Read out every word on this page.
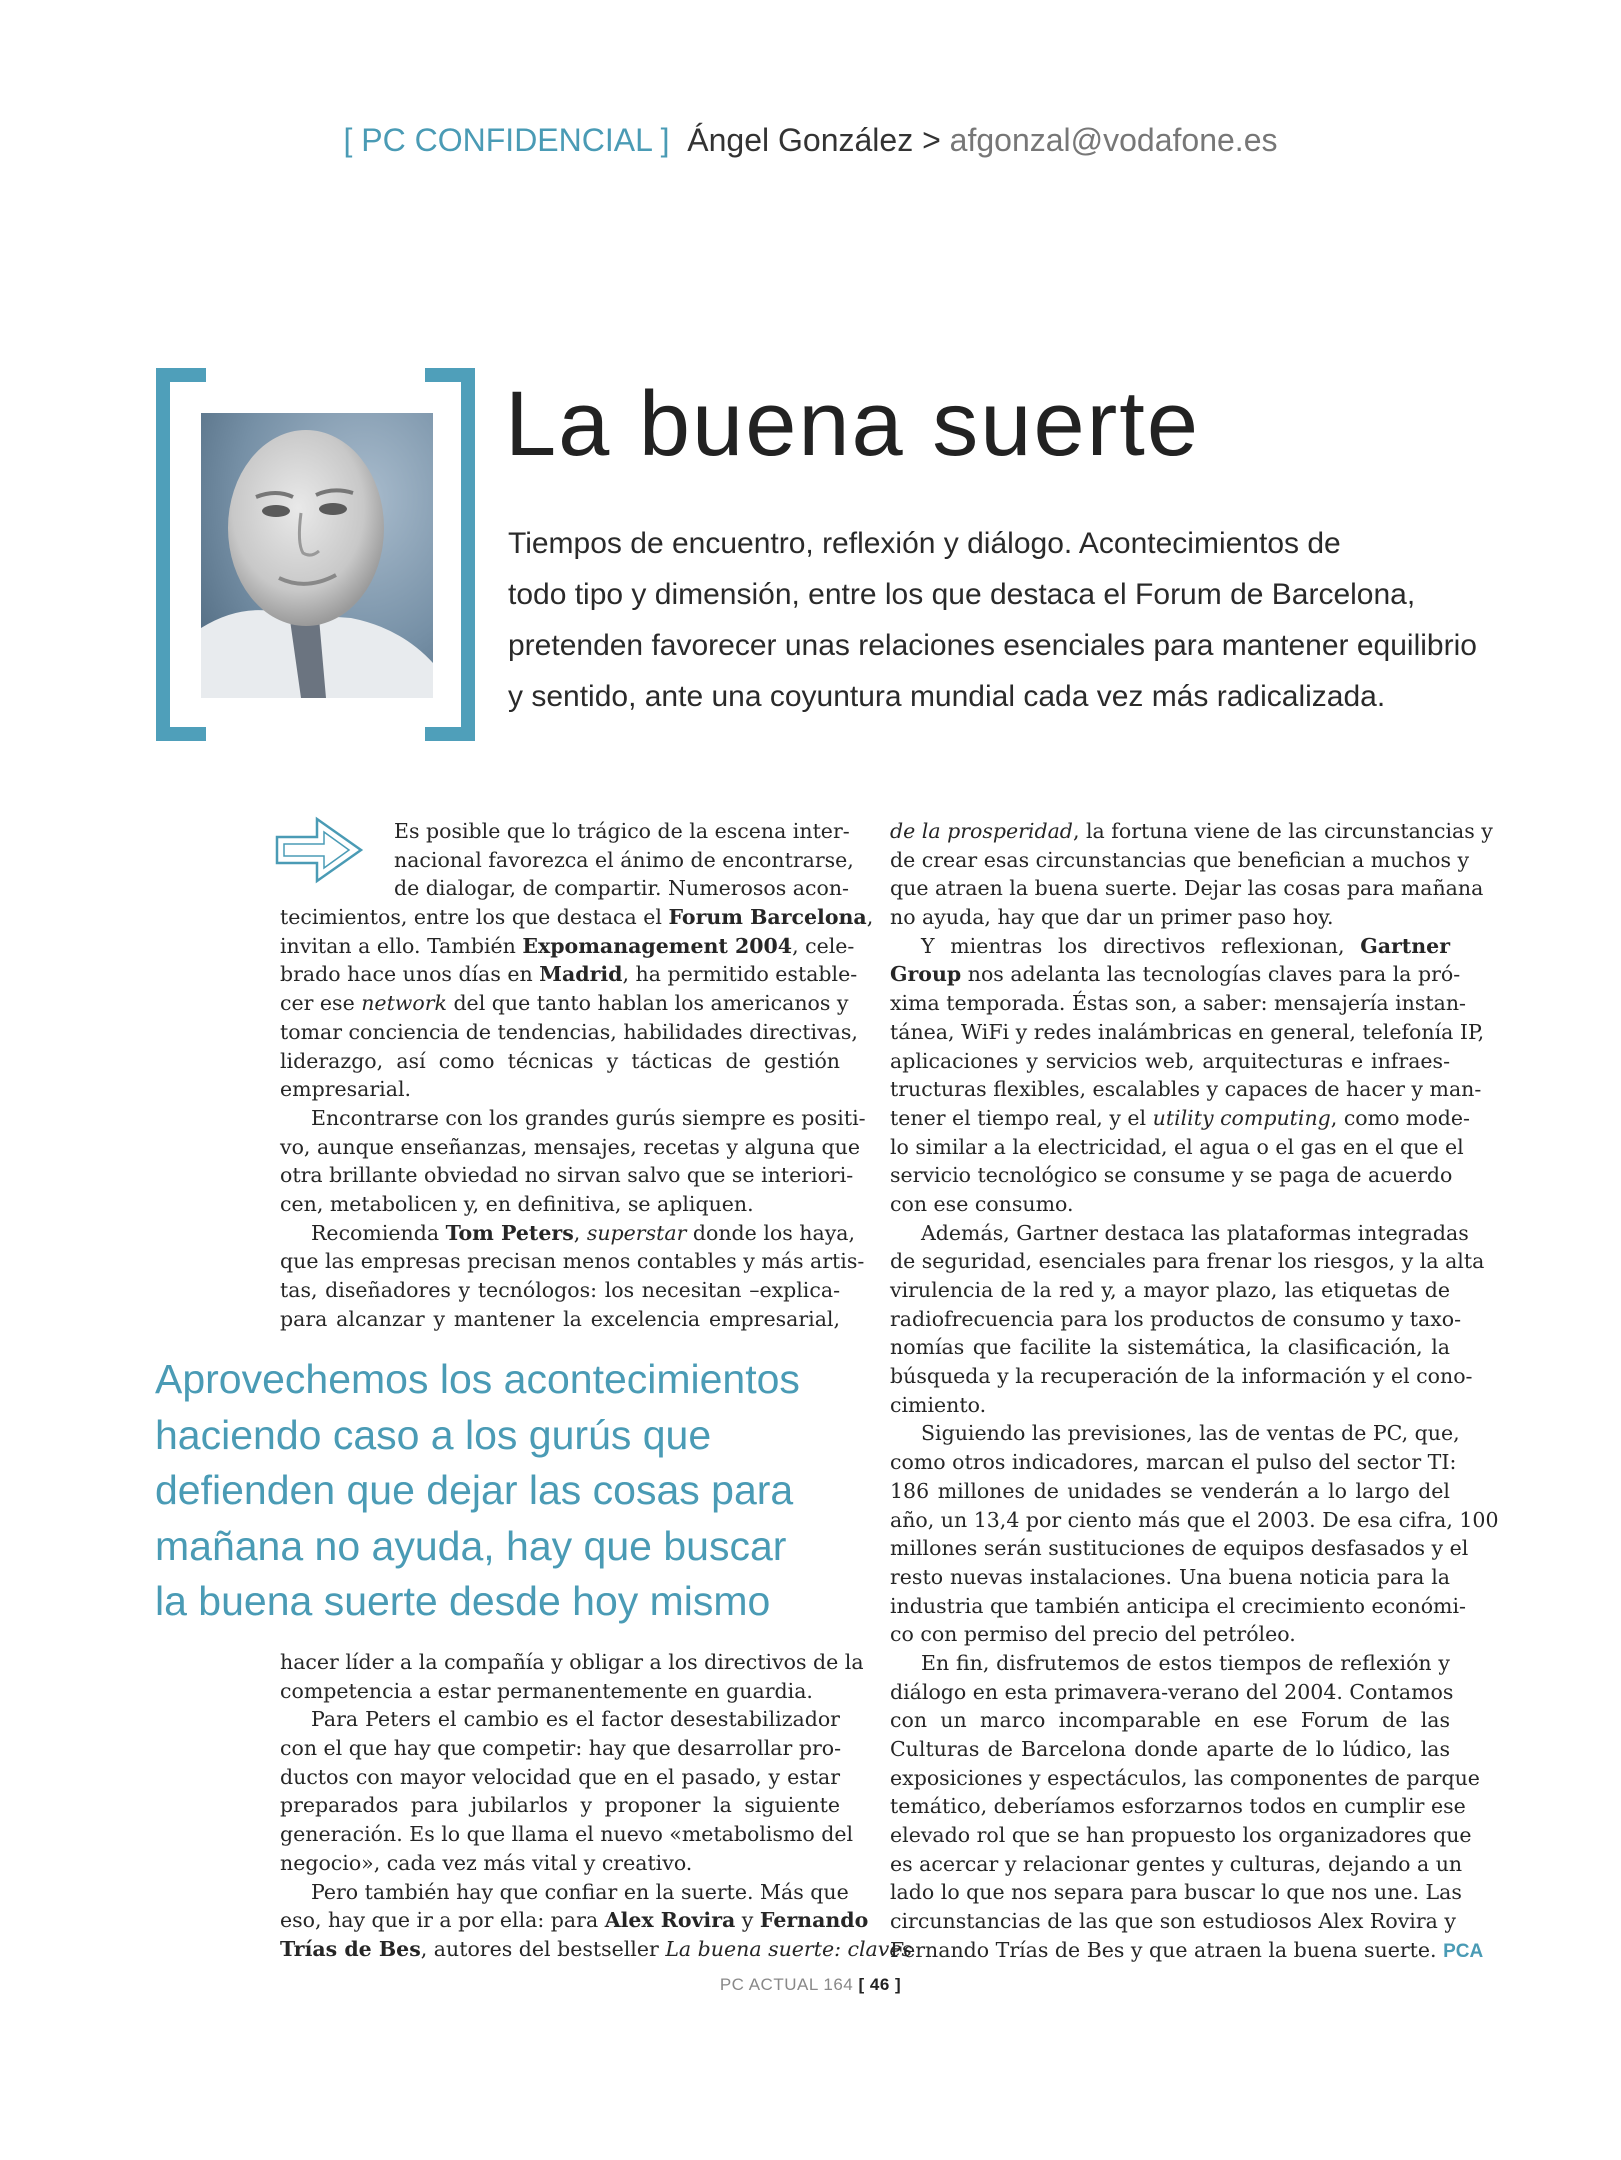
[ PC CONFIDENCIAL ] Ángel González > afgonzal@vodafone.es
La buena suerte
Tiempos de encuentro, reflexión y diálogo. Acontecimientos de
todo tipo y dimensión, entre los que destaca el Forum de Barcelona,
pretenden favorecer unas relaciones esenciales para mantener equilibrio
y sentido, ante una coyuntura mundial cada vez más radicalizada.
Es posible que lo trágico de la escena inter-
nacional favorezca el ánimo de encontrarse,
de dialogar, de compartir. Numerosos acon-
tecimientos, entre los que destaca el Forum Barcelona,
invitan a ello. También Expomanagement 2004, cele-
brado hace unos días en Madrid, ha permitido establе-
cer ese network del que tanto hablan los americanos y
tomar conciencia de tendencias, habilidades directivas,
liderazgo, así como técnicas y tácticas de gestión
empresarial.
Encontrarse con los grandes gurús siempre es positi-
vo, aunque enseñanzas, mensajes, recetas y alguna que
otra brillante obviedad no sirvan salvo que se interiori-
cen, metabolicen y, en definitiva, se apliquen.
Recomienda Tom Peters, superstar donde los haya,
que las empresas precisan menos contables y más artis-
tas, diseñadores y tecnólogos: los necesitan –explica-
para alcanzar y mantener la excelencia empresarial,
Aprovechemos los acontecimientos
haciendo caso a los gurús que
defienden que dejar las cosas para
mañana no ayuda, hay que buscar
la buena suerte desde hoy mismo
hacer líder a la compañía y obligar a los directivos de la
competencia a estar permanentemente en guardia.
Para Peters el cambio es el factor desestabilizador
con el que hay que competir: hay que desarrollar pro-
ductos con mayor velocidad que en el pasado, y estar
preparados para jubilarlos y proponer la siguiente
generación. Es lo que llama el nuevo «metabolismo del
negocio», cada vez más vital y creativo.
Pero también hay que confiar en la suerte. Más que
eso, hay que ir a por ella: para Alex Rovira y Fernando
Trías de Bes, autores del bestseller La buena suerte: claves
de la prosperidad, la fortuna viene de las circunstancias y
de crear esas circunstancias que benefician a muchos y
que atraen la buena suerte. Dejar las cosas para mañana
no ayuda, hay que dar un primer paso hoy.
Y mientras los directivos reflexionan, Gartner
Group nos adelanta las tecnologías claves para la pró-
xima temporada. Éstas son, a saber: mensajería instan-
tánea, WiFi y redes inalámbricas en general, telefonía IP,
aplicaciones y servicios web, arquitecturas e infraes-
tructuras flexibles, escalables y capaces de hacer y man-
tener el tiempo real, y el utility computing, como mode-
lo similar a la electricidad, el agua o el gas en el que el
servicio tecnológico se consume y se paga de acuerdo
con ese consumo.
Además, Gartner destaca las plataformas integradas
de seguridad, esenciales para frenar los riesgos, y la alta
virulencia de la red y, a mayor plazo, las etiquetas de
radiofrecuencia para los productos de consumo y taxo-
nomías que facilite la sistemática, la clasificación, la
búsqueda y la recuperación de la información y el cono-
cimiento.
Siguiendo las previsiones, las de ventas de PC, que,
como otros indicadores, marcan el pulso del sector TI:
186 millones de unidades se venderán a lo largo del
año, un 13,4 por ciento más que el 2003. De esa cifra, 100
millones serán sustituciones de equipos desfasados y el
resto nuevas instalaciones. Una buena noticia para la
industria que también anticipa el crecimiento económi-
co con permiso del precio del petróleo.
En fin, disfrutemos de estos tiempos de reflexión y
diálogo en esta primavera-verano del 2004. Contamos
con un marco incomparable en ese Forum de las
Culturas de Barcelona donde aparte de lo lúdico, las
exposiciones y espectáculos, las componentes de parque
temático, deberíamos esforzarnos todos en cumplir ese
elevado rol que se han propuesto los organizadores que
es acercar y relacionar gentes y culturas, dejando a un
lado lo que nos separa para buscar lo que nos une. Las
circunstancias de las que son estudiosos Alex Rovira y
Fernando Trías de Bes y que atraen la buena suerte. PCA
PC ACTUAL 164 [ 46 ]
